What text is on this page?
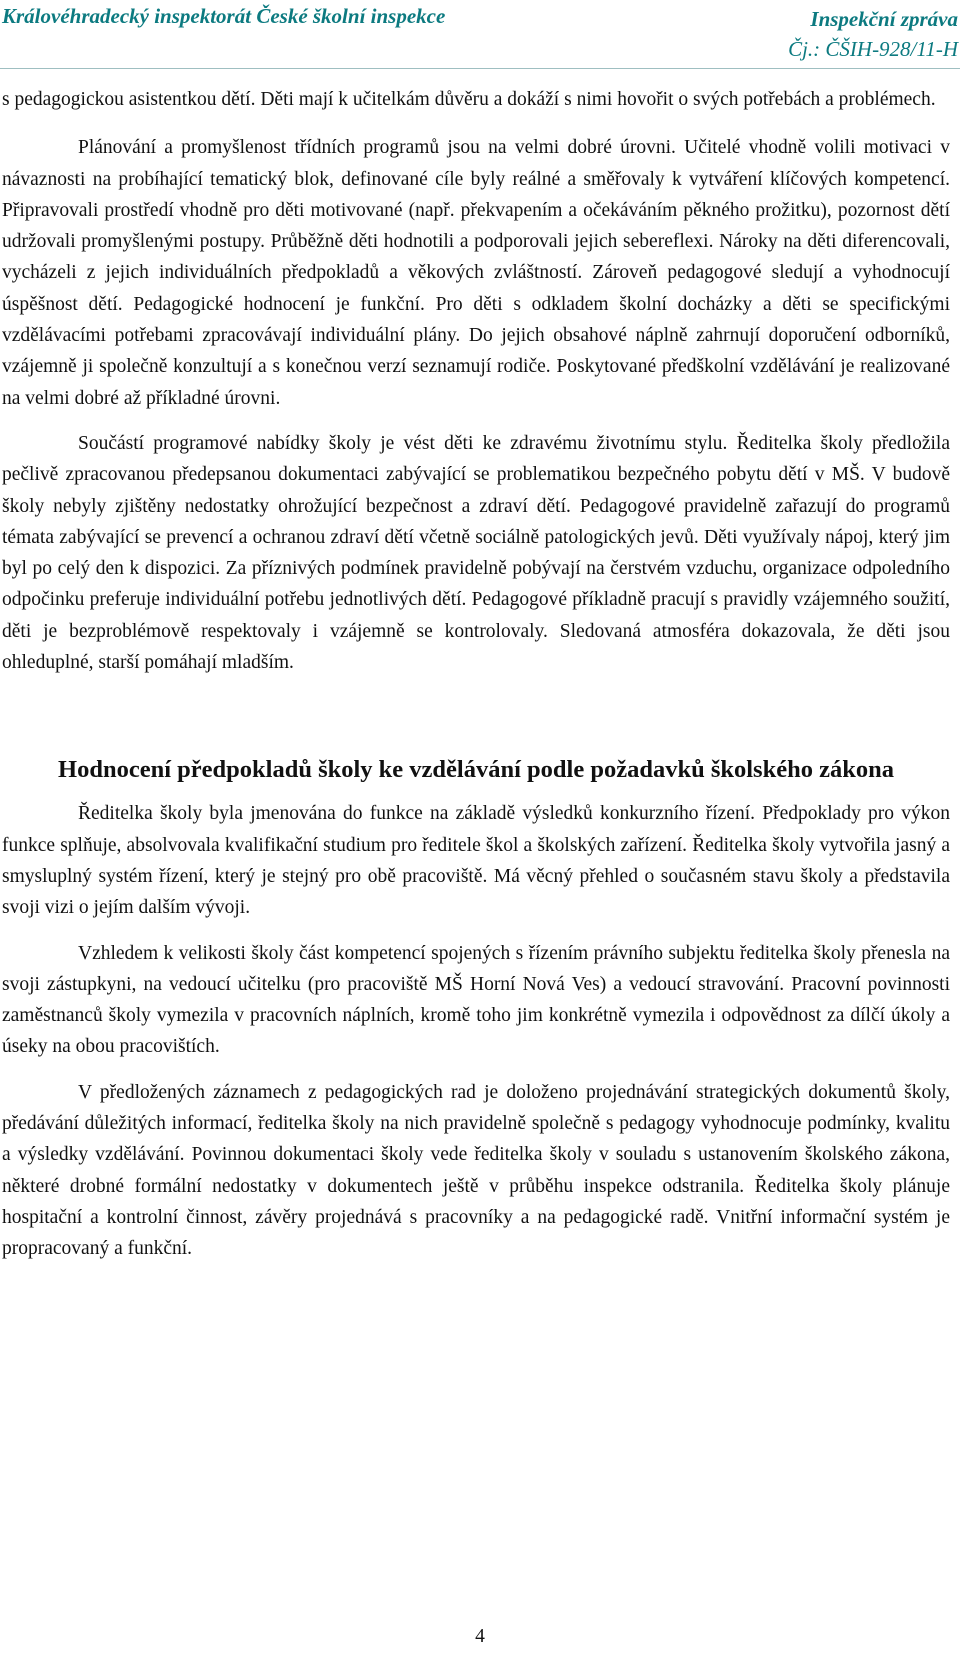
Královéhradecký inspektorát České školní inspekce	Inspekční zpráva
Čj.: ČŠIH-928/11-H

s pedagogickou asistentkou dětí. Děti mají k učitelkám důvěru a dokáží s nimi hovořit o svých potřebách a problémech.

Plánování a promyšlenost třídních programů jsou na velmi dobré úrovni. Učitelé vhodně volili motivaci v návaznosti na probíhající tematický blok, definované cíle byly reálné a směřovaly k vytváření klíčových kompetencí. Připravovali prostředí vhodně pro děti motivované (např. překvapením a očekáváním pěkného prožitku), pozornost dětí udržovali promyšlenými postupy. Průběžně děti hodnotili a podporovali jejich sebereflexi. Nároky na děti diferencovali, vycházeli z jejich individuálních předpokladů a věkových zvláštností. Zároveň pedagogové sledují a vyhodnocují úspěšnost dětí. Pedagogické hodnocení je funkční. Pro děti s odkladem školní docházky a děti se specifickými vzdělávacími potřebami zpracovávají individuální plány. Do jejich obsahové náplně zahrnují doporučení odborníků, vzájemně ji společně konzultují a s konečnou verzí seznamují rodiče. Poskytované předškolní vzdělávání je realizované na velmi dobré až příkladné úrovni.

Součástí programové nabídky školy je vést děti ke zdravému životnímu stylu. Ředitelka školy předložila pečlivě zpracovanou předepsanou dokumentaci zabývající se problematikou bezpečného pobytu dětí v MŠ. V budově školy nebyly zjištěny nedostatky ohrožující bezpečnost a zdraví dětí. Pedagogové pravidelně zařazují do programů témata zabývající se prevencí a ochranou zdraví dětí včetně sociálně patologických jevů. Děti využívaly nápoj, který jim byl po celý den k dispozici. Za příznivých podmínek pravidelně pobývají na čerstvém vzduchu, organizace odpoledního odpočinku preferuje individuální potřebu jednotlivých dětí. Pedagogové příkladně pracují s pravidly vzájemného soužití, děti je bezproblémově respektovaly i vzájemně se kontrolovaly. Sledovaná atmosféra dokazovala, že děti jsou ohleduplné, starší pomáhají mladším.

Hodnocení předpokladů školy ke vzdělávání podle požadavků školského zákona

Ředitelka školy byla jmenována do funkce na základě výsledků konkurzního řízení. Předpoklady pro výkon funkce splňuje, absolvovala kvalifikační studium pro ředitele škol a školských zařízení. Ředitelka školy vytvořila jasný a smysluplný systém řízení, který je stejný pro obě pracoviště. Má věcný přehled o současném stavu školy a představila svoji vizi o jejím dalším vývoji.

Vzhledem k velikosti školy část kompetencí spojených s řízením právního subjektu ředitelka školy přenesla na svoji zástupkyni, na vedoucí učitelku (pro pracoviště MŠ Horní Nová Ves) a vedoucí stravování. Pracovní povinnosti zaměstnanců školy vymezila v pracovních náplních, kromě toho jim konkrétně vymezila i odpovědnost za dílčí úkoly a úseky na obou pracovištích.

V předložených záznamech z pedagogických rad je doloženo projednávání strategických dokumentů školy, předávání důležitých informací, ředitelka školy na nich pravidelně společně s pedagogy vyhodnocuje podmínky, kvalitu a výsledky vzdělávání. Povinnou dokumentaci školy vede ředitelka školy v souladu s ustanovením školského zákona, některé drobné formální nedostatky v dokumentech ještě v průběhu inspekce odstranila. Ředitelka školy plánuje hospitační a kontrolní činnost, závěry projednává s pracovníky a na pedagogické radě. Vnitřní informační systém je propracovaný a funkční.

4
